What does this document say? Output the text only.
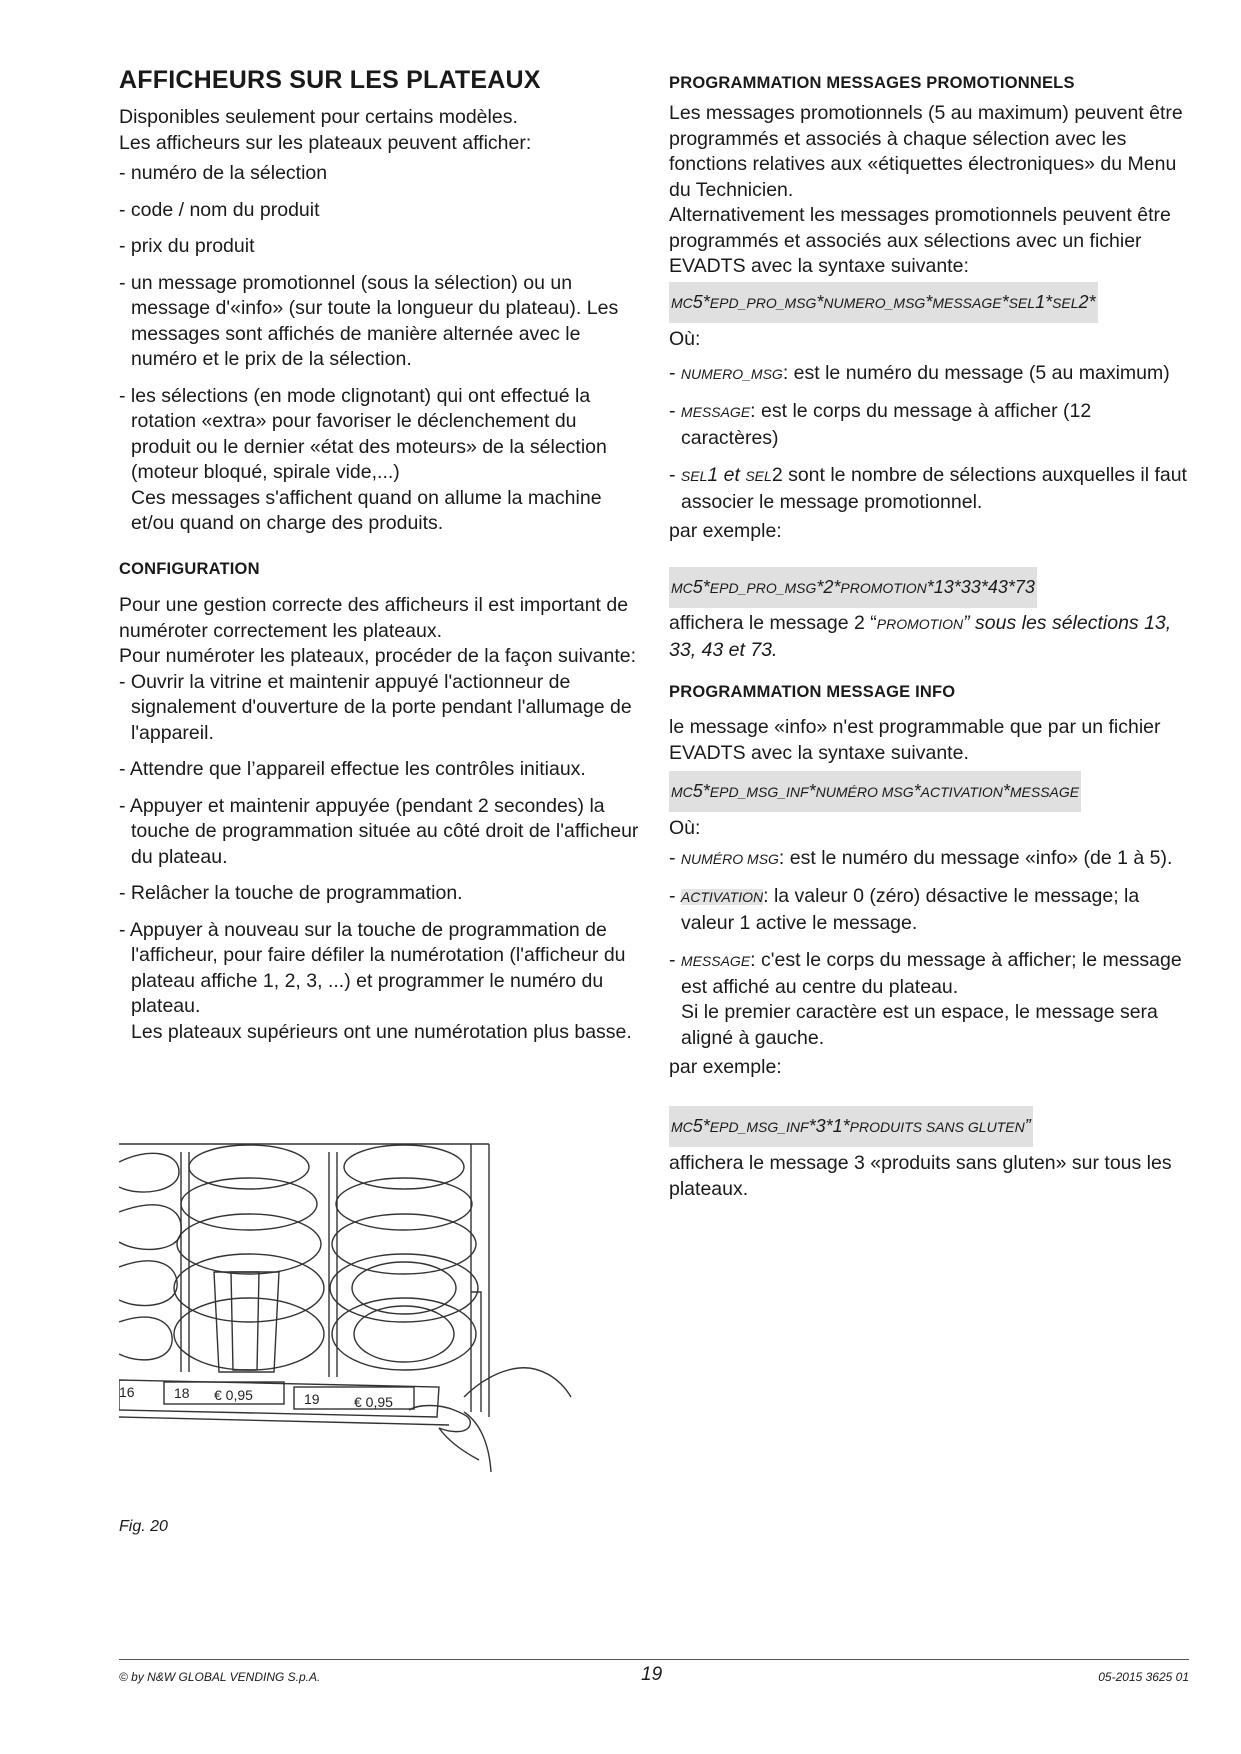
AFFICHEURS SUR LES PLATEAUX

Disponibles seulement pour certains modèles.

Les afficheurs sur les plateaux peuvent afficher:

- numéro de la sélection

- code / nom du produit

- prix du produit

- un message promotionnel (sous la sélection) ou un message d'«info» (sur toute la longueur du plateau). Les messages sont affichés de manière alternée avec le numéro et le prix de la sélection.

- les sélections (en mode clignotant) qui ont effectué la rotation «extra» pour favoriser le déclenchement du produit ou le dernier «état des moteurs» de la sélection (moteur bloqué, spirale vide,...)

Ces messages s'affichent quand on allume la machine et/ou quand on charge des produits.

CONFIGURATION

Pour une gestion correcte des afficheurs il est important de numéroter correctement les plateaux.

Pour numéroter les plateaux, procéder de la façon suivante:

- Ouvrir la vitrine et maintenir appuyé l'actionneur de signalement d'ouverture de la porte pendant l'allumage de l'appareil.

- Attendre que l’appareil effectue les contrôles initiaux.

- Appuyer et maintenir appuyée (pendant 2 secondes) la touche de programmation située au côté droit de l'afficheur du plateau.

- Relâcher la touche de programmation.

- Appuyer à nouveau sur la touche de programmation de l'afficheur, pour faire défiler la numérotation (l'afficheur du plateau affiche 1, 2, 3, ...) et programmer le numéro du plateau.

Les plateaux supérieurs ont une numérotation plus basse.

16	18 € 0,95	19 € 0,95
Fig. 20
PROGRAMMATION MESSAGES PROMOTIONNELS

Les messages promotionnels (5 au maximum) peuvent être programmés et associés à chaque sélection avec les fonctions relatives aux «étiquettes électroniques» du Menu du Technicien.

Alternativement les messages promotionnels peuvent être programmés et associés aux sélections avec un fichier EVADTS avec la syntaxe suivante:

MC5*EPD_PRO_MSG*NUMERO_MSG*MESSAGE*SEL1*SEL2*

Où:

- NUMERO_MSG: est le numéro du message (5 au maximum)

- MESSAGE: est le corps du message à afficher (12 caractères)

- SEL1 et SEL2 sont le nombre de sélections auxquelles il faut associer le message promotionnel.

par exemple:

MC5*EPD_PRO_MSG*2*PROMOTION*13*33*43*73

affichera le message 2 “PROMOTION” sous les sélections 13, 33, 43 et 73.

PROGRAMMATION MESSAGE INFO

le message «info» n'est programmable que par un fichier EVADTS avec la syntaxe suivante.

MC5*EPD_MSG_INF*NUMÉRO MSG*ACTIVATION*MESSAGE

Où:

- NUMÉRO MSG: est le numéro du message «info» (de 1 à 5).

- ACTIVATION: la valeur 0 (zéro) désactive le message; la valeur 1 active le message.

- MESSAGE: c'est le corps du message à afficher; le message est affiché au centre du plateau.

Si le premier caractère est un espace, le message sera aligné à gauche.

par exemple:

MC5*EPD_MSG_INF*3*1*PRODUITS SANS GLUTEN”

affichera le message 3 «produits sans gluten» sur tous les plateaux.

© by N&W GLOBAL VENDING S.p.A.	19	05-2015 3625 01
